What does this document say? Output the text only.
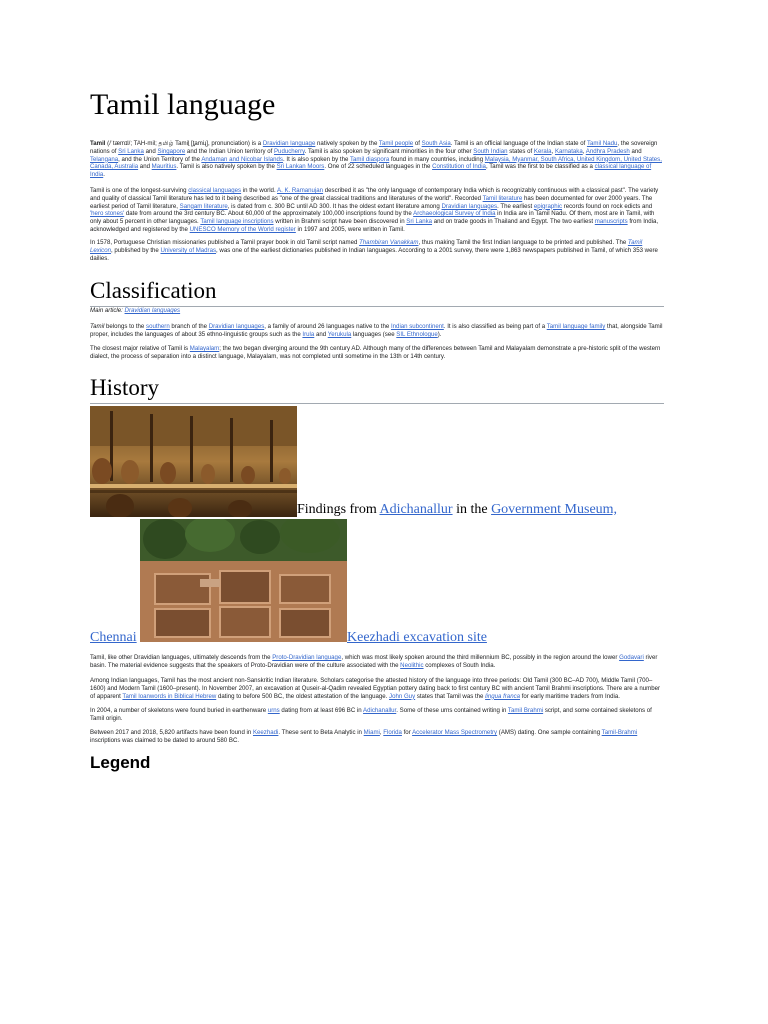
Tamil language

Tamil (/ˈtæmɪl/; TAH-mil; தமிழ் Tamiḻ [t̪amiɻ], pronunciation) is a Dravidian language natively spoken by the Tamil people of South Asia. Tamil is an official language of the Indian state of Tamil Nadu, the sovereign nations of Sri Lanka and Singapore and the Indian Union territory of Puducherry. Tamil is also spoken by significant minorities in the four other South Indian states of Kerala, Karnataka, Andhra Pradesh and Telangana, and the Union Territory of the Andaman and Nicobar Islands. It is also spoken by the Tamil diaspora found in many countries, including Malaysia, Myanmar, South Africa, United Kingdom, United States, Canada, Australia and Mauritius. Tamil is also natively spoken by the Sri Lankan Moors. One of 22 scheduled languages in the Constitution of India, Tamil was the first to be classified as a classical language of India.

Tamil is one of the longest-surviving classical languages in the world. A. K. Ramanujan described it as "the only language of contemporary India which is recognizably continuous with a classical past". The variety and quality of classical Tamil literature has led to it being described as "one of the great classical traditions and literatures of the world". Recorded Tamil literature has been documented for over 2000 years. The earliest period of Tamil literature, Sangam literature, is dated from c. 300 BC until AD 300. It has the oldest extant literature among Dravidian languages. The earliest epigraphic records found on rock edicts and 'hero stones' date from around the 3rd century BC. About 60,000 of the approximately 100,000 inscriptions found by the Archaeological Survey of India in India are in Tamil Nadu. Of them, most are in Tamil, with only about 5 percent in other languages. Tamil language inscriptions written in Brahmi script have been discovered in Sri Lanka and on trade goods in Thailand and Egypt. The two earliest manuscripts from India, acknowledged and registered by the UNESCO Memory of the World register in 1997 and 2005, were written in Tamil.

In 1578, Portuguese Christian missionaries published a Tamil prayer book in old Tamil script named Thambiran Vanakkam, thus making Tamil the first Indian language to be printed and published. The Tamil Lexicon, published by the University of Madras, was one of the earliest dictionaries published in Indian languages. According to a 2001 survey, there were 1,863 newspapers published in Tamil, of which 353 were dailies.

Classification
Main article: Dravidian languages

Tamil belongs to the southern branch of the Dravidian languages, a family of around 26 languages native to the Indian subcontinent. It is also classified as being part of a Tamil language family that, alongside Tamil proper, includes the languages of about 35 ethno-linguistic groups such as the Irula and Yerukula languages (see SIL Ethnologue).

The closest major relative of Tamil is Malayalam; the two began diverging around the 9th century AD. Although many of the differences between Tamil and Malayalam demonstrate a pre-historic split of the western dialect, the process of separation into a distinct language, Malayalam, was not completed until sometime in the 13th or 14th century.

History
Findings from Adichanallur in the Government Museum,
Chennai	Keezhadi excavation site

Tamil, like other Dravidian languages, ultimately descends from the Proto-Dravidian language, which was most likely spoken around the third millennium BC, possibly in the region around the lower Godavari river basin. The material evidence suggests that the speakers of Proto-Dravidian were of the culture associated with the Neolithic complexes of South India.

Among Indian languages, Tamil has the most ancient non-Sanskritic Indian literature. Scholars categorise the attested history of the language into three periods: Old Tamil (300 BC–AD 700), Middle Tamil (700–1600) and Modern Tamil (1600–present). In November 2007, an excavation at Quseir-al-Qadim revealed Egyptian pottery dating back to first century BC with ancient Tamil Brahmi inscriptions. There are a number of apparent Tamil loanwords in Biblical Hebrew dating to before 500 BC, the oldest attestation of the language. John Guy states that Tamil was the lingua franca for early maritime traders from India.

In 2004, a number of skeletons were found buried in earthenware urns dating from at least 696 BC in Adichanallur. Some of these urns contained writing in Tamil Brahmi script, and some contained skeletons of Tamil origin.

Between 2017 and 2018, 5,820 artifacts have been found in Keezhadi. These sent to Beta Analytic in Miami, Florida for Accelerator Mass Spectrometry (AMS) dating. One sample containing Tamil-Brahmi inscriptions was claimed to be dated to around 580 BC.

Legend
